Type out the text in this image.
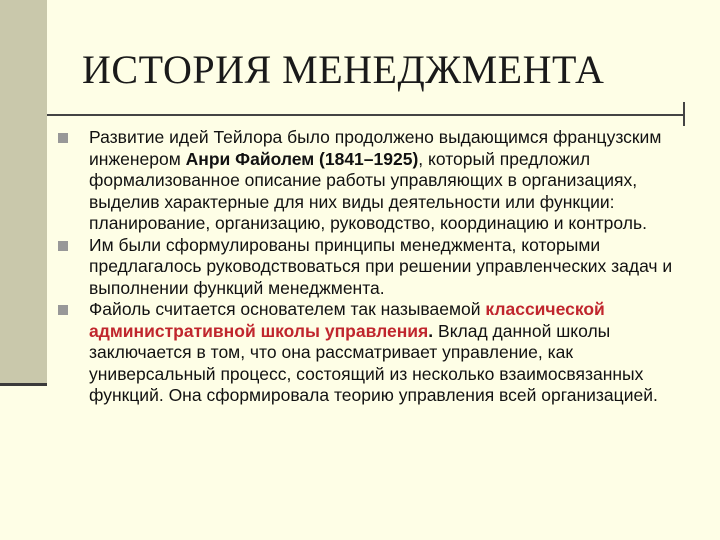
ИСТОРИЯ МЕНЕДЖМЕНТА
Развитие идей Тейлора было продолжено выдающимся французским инженером Анри Файолем (1841–1925), который предложил формализованное описание работы управляющих в организациях, выделив характерные для них виды деятельности или функции: планирование, организацию, руководство, координацию и контроль.
Им были сформулированы принципы менеджмента, которыми предлагалось руководствоваться при решении управленческих задач и выполнении функций менеджмента.
Файоль считается основателем так называемой классической административной школы управления. Вклад данной школы заключается в том, что она рассматривает управление, как универсальный процесс, состоящий из несколько взаимосвязанных функций. Она сформировала теорию управления всей организацией.
